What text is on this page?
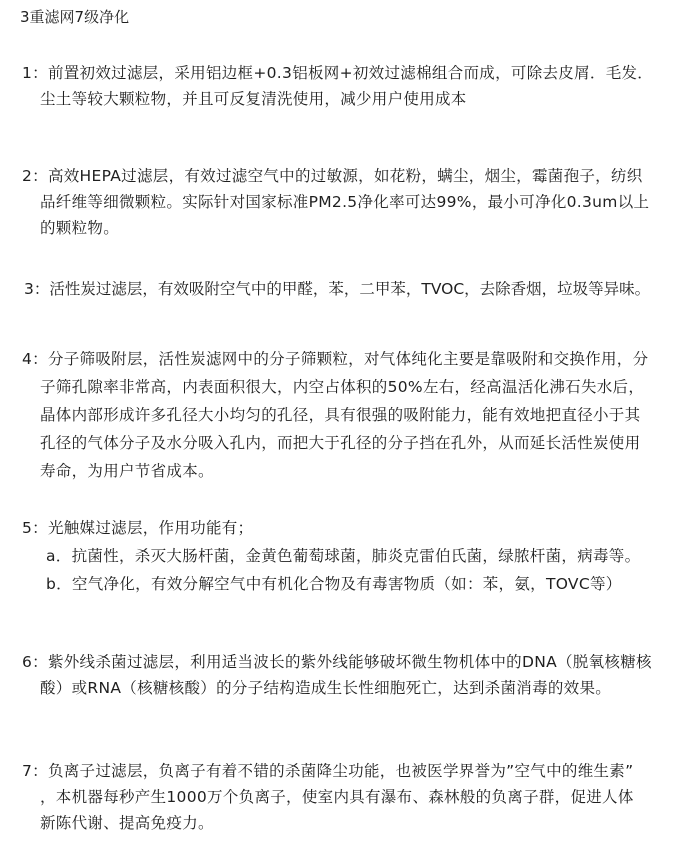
3重滤网7级净化
1：前置初效过滤层，采用铝边框+0.3铝板网+初效过滤棉组合而成，可除去皮屑．毛发．
尘土等较大颗粒物，并且可反复清洗使用，减少用户使用成本
2：高效HEPA过滤层，有效过滤空气中的过敏源，如花粉，螨尘，烟尘，霉菌孢子，纺织
品纤维等细微颗粒。实际针对国家标准PM2.5净化率可达99%，最小可净化0.3um以上
的颗粒物。
3：活性炭过滤层，有效吸附空气中的甲醛，苯，二甲苯，TVOC，去除香烟，垃圾等异味。
4：分子筛吸附层，活性炭滤网中的分子筛颗粒，对气体纯化主要是靠吸附和交换作用，分
子筛孔隙率非常高，内表面积很大，内空占体积的50%左右，经高温活化沸石失水后，
晶体内部形成许多孔径大小均匀的孔径，具有很强的吸附能力，能有效地把直径小于其
孔径的气体分子及水分吸入孔内，而把大于孔径的分子挡在孔外，从而延长活性炭使用
寿命，为用户节省成本。
5：光触媒过滤层，作用功能有；
a．抗菌性，杀灭大肠杆菌，金黄色葡萄球菌，肺炎克雷伯氏菌，绿脓杆菌，病毒等。
b．空气净化，有效分解空气中有机化合物及有毒害物质（如：苯，氨，TOVC等）
6：紫外线杀菌过滤层，利用适当波长的紫外线能够破坏微生物机体中的DNA（脱氧核糖核
酸）或RNA（核糖核酸）的分子结构造成生长性细胞死亡，达到杀菌消毒的效果。
7：负离子过滤层，负离子有着不错的杀菌降尘功能，也被医学界誉为”空气中的维生素”
，本机器每秒产生1000万个负离子，使室内具有瀑布、森林般的负离子群，促进人体
新陈代谢、提高免疫力。
